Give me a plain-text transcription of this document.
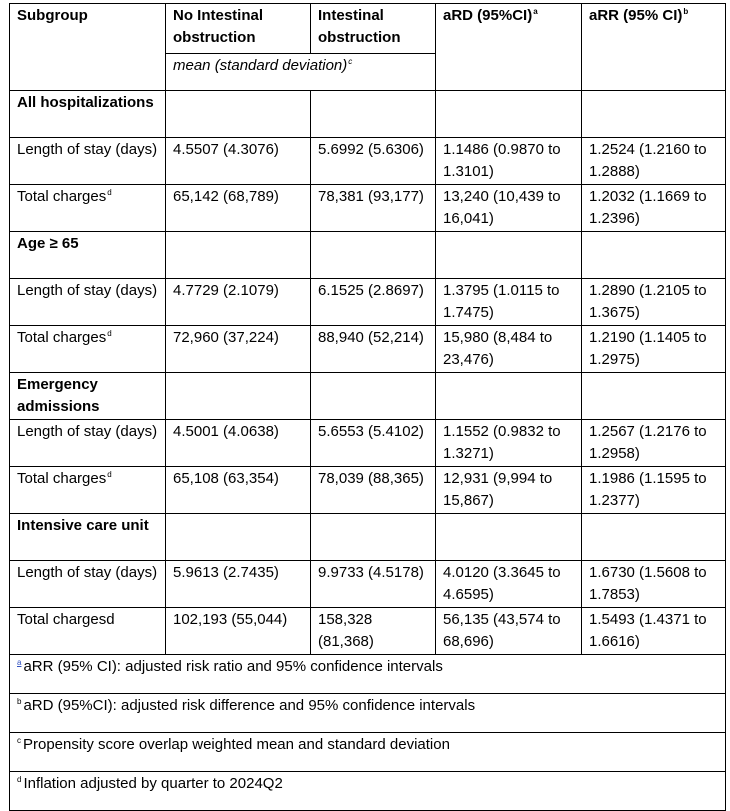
Subgroup	No Intestinal obstruction	Intestinal obstruction	aRD $(95\%CI)^a$	aRR (95% CI)$^b$
	mean (standard deviation)$^c$
All hospitalizations				
Length of stay (days)	4.5507 (4.3076)	5.6992 (5.6306)	1.1486 (0.9870 to 1.3101)	1.2524 (1.2160 to 1.2888)
Total charges$^d$	65,142 (68,789)	78,381 (93,177)	13,240 (10,439 to 16,041)	1.2032 (1.1669 to 1.2396)
Age ≥ 65				
Length of stay (days)	4.7729 (2.1079)	6.1525 (2.8697)	1.3795 (1.0115 to 1.7475)	1.2890 (1.2105 to 1.3675)
Total charges$^d$	72,960 (37,224)	88,940 (52,214)	15,980 (8,484 to 23,476)	1.2190 (1.1405 to 1.2975)
Emergency admissions				
Length of stay (days)	4.5001 (4.0638)	5.6553 (5.4102)	1.1552 (0.9832 to 1.3271)	1.2567 (1.2176 to 1.2958)
Total charges$^d$	65,108 (63,354)	78,039 (88,365)	12,931 (9,994 to 15,867)	1.1986 (1.1595 to 1.2377)
Intensive care unit				
Length of stay (days)	5.9613 (2.7435)	9.9733 (4.5178)	4.0120 (3.3645 to 4.6595)	1.6730 (1.5608 to 1.7853)
Total chargesd	102,193 (55,044)	158,328 (81,368)	56,135 (43,574 to 68,696)	1.5493 (1.4371 to 1.6616)
$^a$ aRR (95% CI): adjusted risk ratio and 95% confidence intervals				
$^b$ aRD (95%CI): adjusted risk difference and 95% confidence intervals				
$^c$ Propensity score overlap weighted mean and standard deviation				
$^d$ Inflation adjusted by quarter to 2024Q2				
